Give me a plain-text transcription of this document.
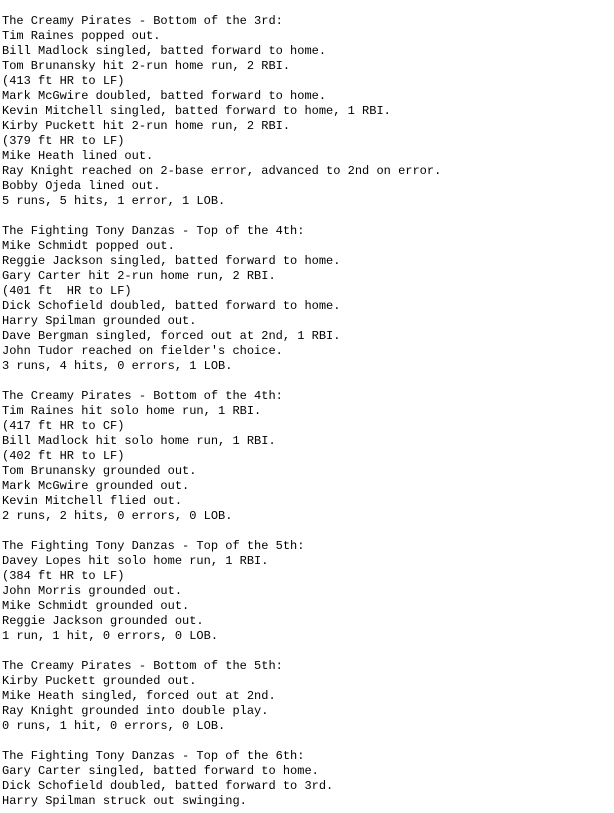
The Creamy Pirates - Bottom of the 3rd:
Tim Raines popped out.
Bill Madlock singled, batted forward to home.
Tom Brunansky hit 2-run home run, 2 RBI.
(413 ft HR to LF)
Mark McGwire doubled, batted forward to home.
Kevin Mitchell singled, batted forward to home, 1 RBI.
Kirby Puckett hit 2-run home run, 2 RBI.
(379 ft HR to LF)
Mike Heath lined out.
Ray Knight reached on 2-base error, advanced to 2nd on error.
Bobby Ojeda lined out.
5 runs, 5 hits, 1 error, 1 LOB.
The Fighting Tony Danzas - Top of the 4th:
Mike Schmidt popped out.
Reggie Jackson singled, batted forward to home.
Gary Carter hit 2-run home run, 2 RBI.
(401 ft  HR to LF)
Dick Schofield doubled, batted forward to home.
Harry Spilman grounded out.
Dave Bergman singled, forced out at 2nd, 1 RBI.
John Tudor reached on fielder's choice.
3 runs, 4 hits, 0 errors, 1 LOB.
The Creamy Pirates - Bottom of the 4th:
Tim Raines hit solo home run, 1 RBI.
(417 ft HR to CF)
Bill Madlock hit solo home run, 1 RBI.
(402 ft HR to LF)
Tom Brunansky grounded out.
Mark McGwire grounded out.
Kevin Mitchell flied out.
2 runs, 2 hits, 0 errors, 0 LOB.
The Fighting Tony Danzas - Top of the 5th:
Davey Lopes hit solo home run, 1 RBI.
(384 ft HR to LF)
John Morris grounded out.
Mike Schmidt grounded out.
Reggie Jackson grounded out.
1 run, 1 hit, 0 errors, 0 LOB.
The Creamy Pirates - Bottom of the 5th:
Kirby Puckett grounded out.
Mike Heath singled, forced out at 2nd.
Ray Knight grounded into double play.
0 runs, 1 hit, 0 errors, 0 LOB.
The Fighting Tony Danzas - Top of the 6th:
Gary Carter singled, batted forward to home.
Dick Schofield doubled, batted forward to 3rd.
Harry Spilman struck out swinging.
